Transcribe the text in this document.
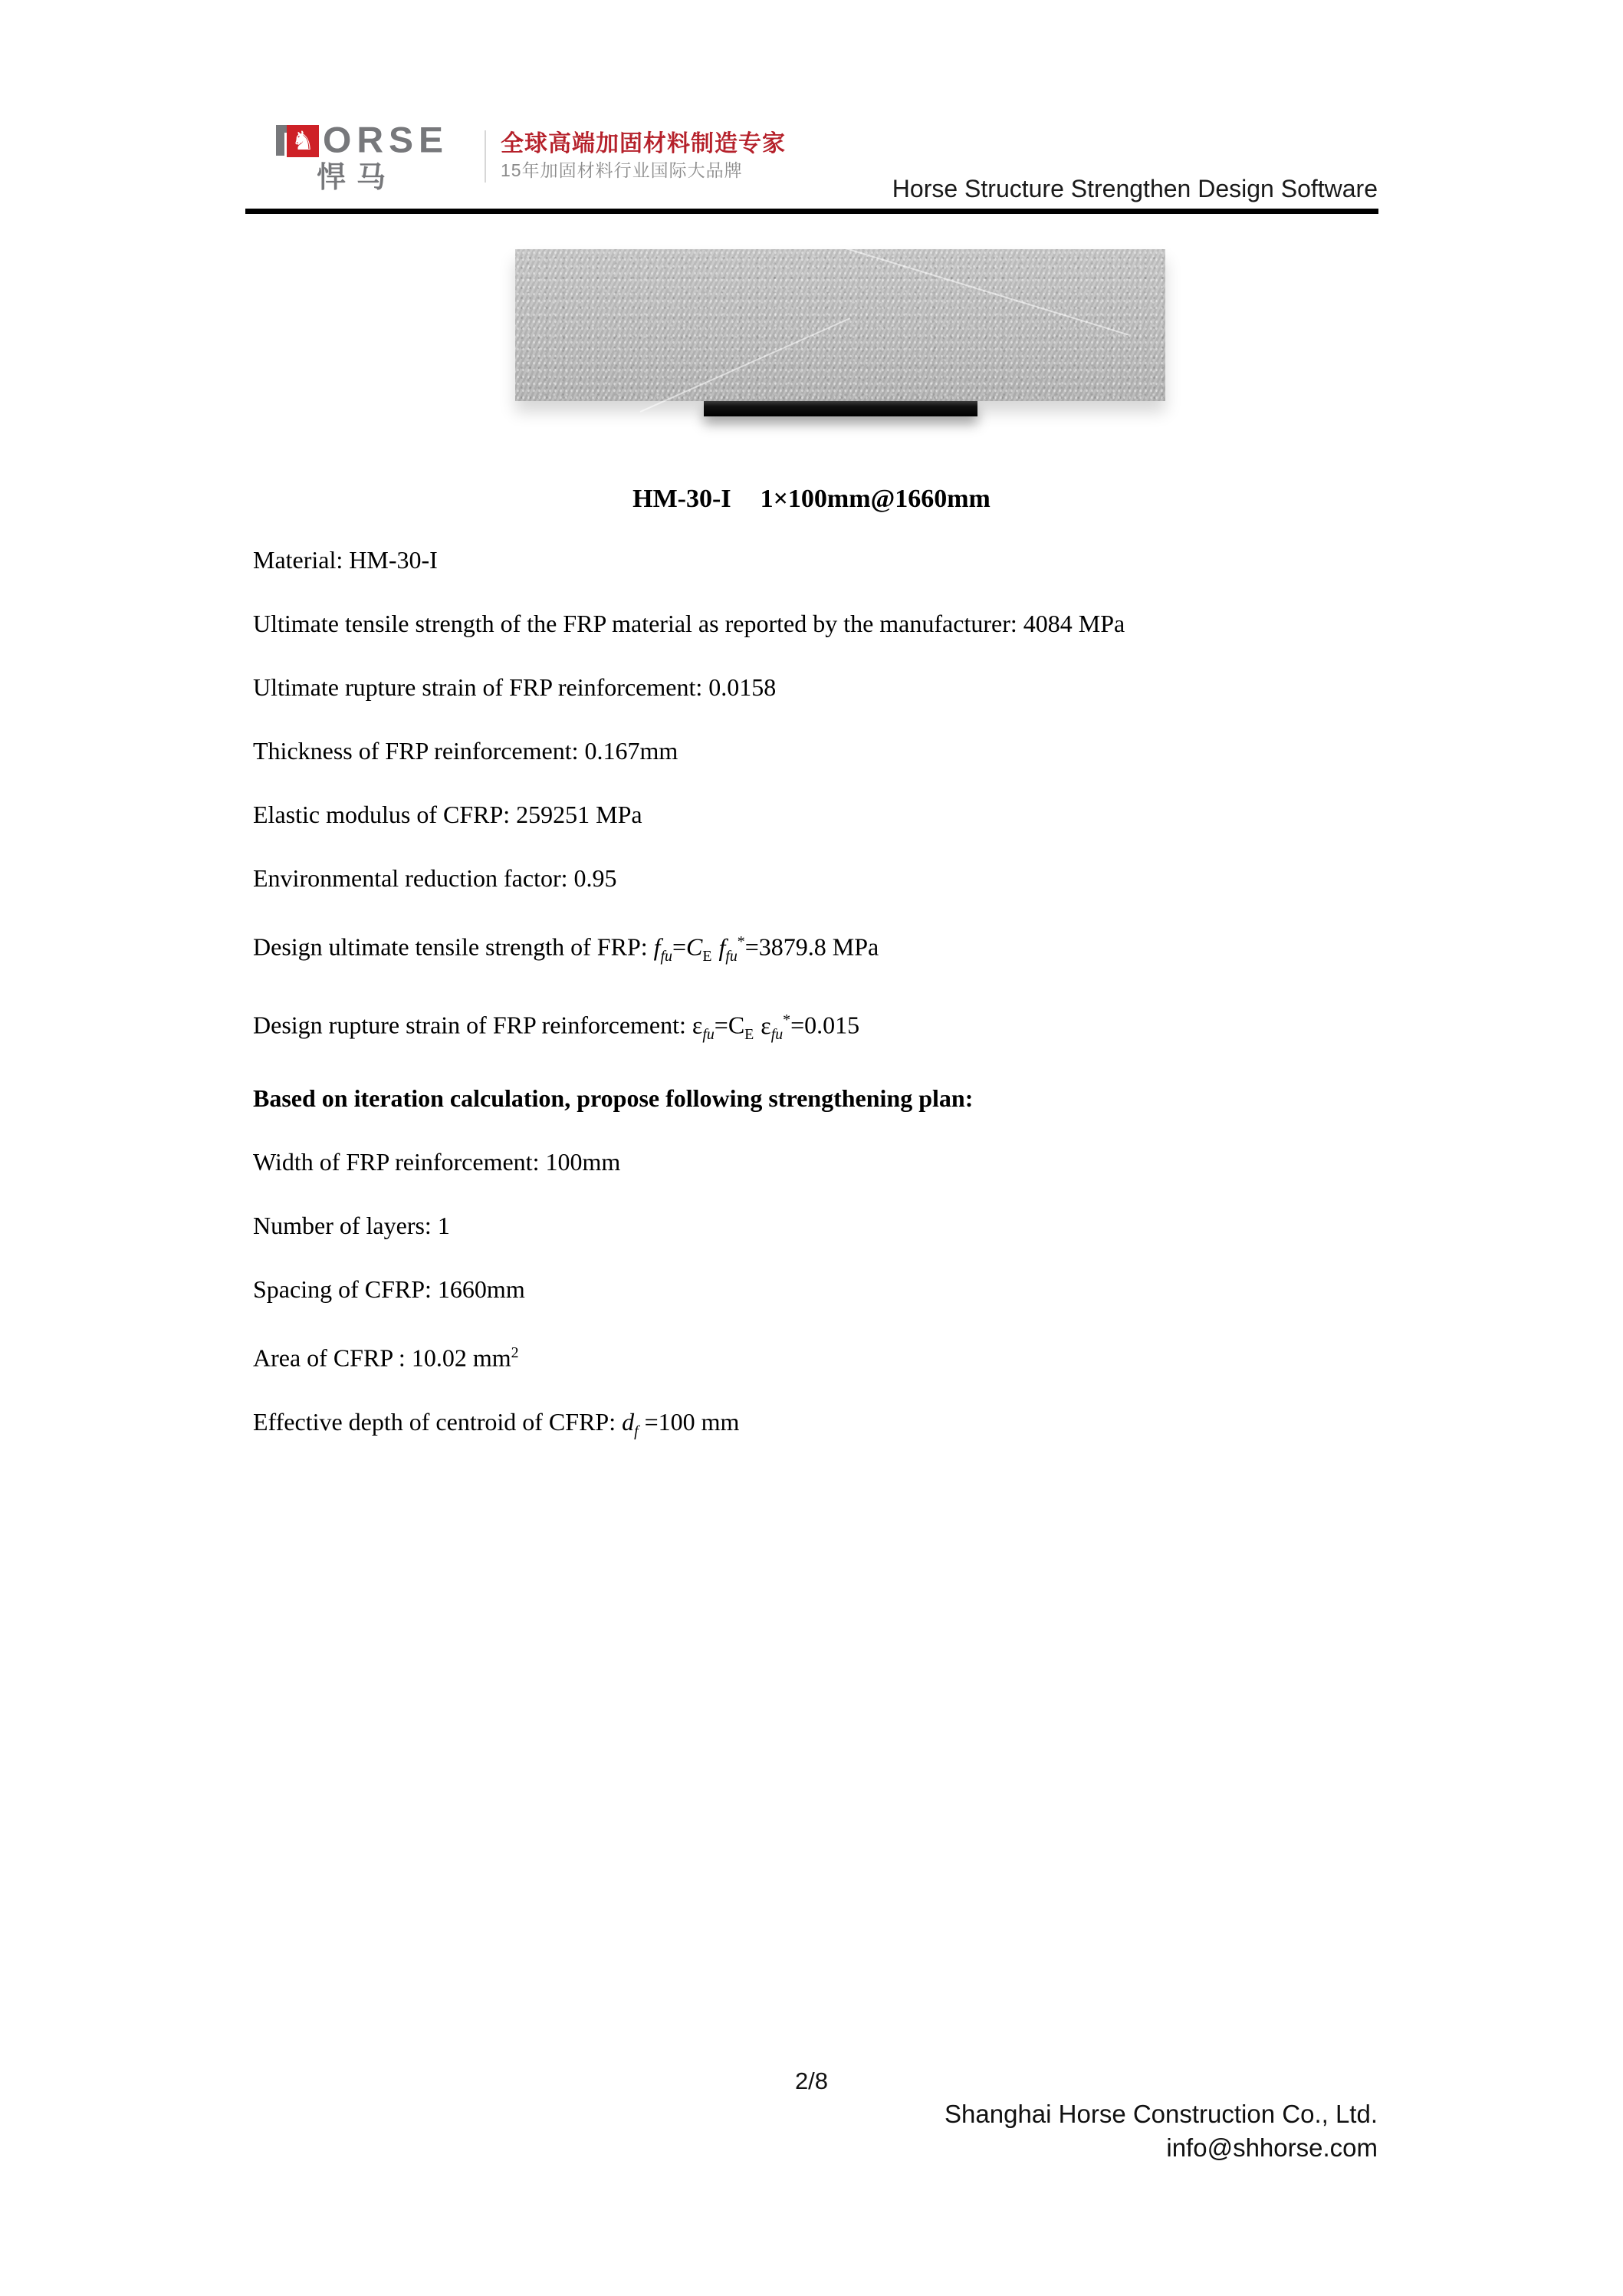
♞ ORSE
悍马
全球高端加固材料制造专家
15年加固材料行业国际大品牌
Horse Structure Strengthen Design Software
HM-30-I 1×100mm@1660mm

Material: HM-30-I

Ultimate tensile strength of the FRP material as reported by the manufacturer: 4084 MPa

Ultimate rupture strain of FRP reinforcement: 0.0158

Thickness of FRP reinforcement: 0.167mm

Elastic modulus of CFRP: 259251 MPa

Environmental reduction factor: 0.95

Design ultimate tensile strength of FRP: $f_{fu}=C_E$ $f_{fu}^*=3879.8$ MPa

Design rupture strain of FRP reinforcement: $\varepsilon_{fu}=C_E$ $\varepsilon_{fu}^*=0.015$

Based on iteration calculation, propose following strengthening plan:

Width of FRP reinforcement: 100mm

Number of layers: 1

Spacing of CFRP: 1660mm

Area of CFRP : 10.02 $mm^2$

Effective depth of centroid of CFRP: $d_f =100$ mm

2/8
Shanghai Horse Construction Co., Ltd.
info@shhorse.com
